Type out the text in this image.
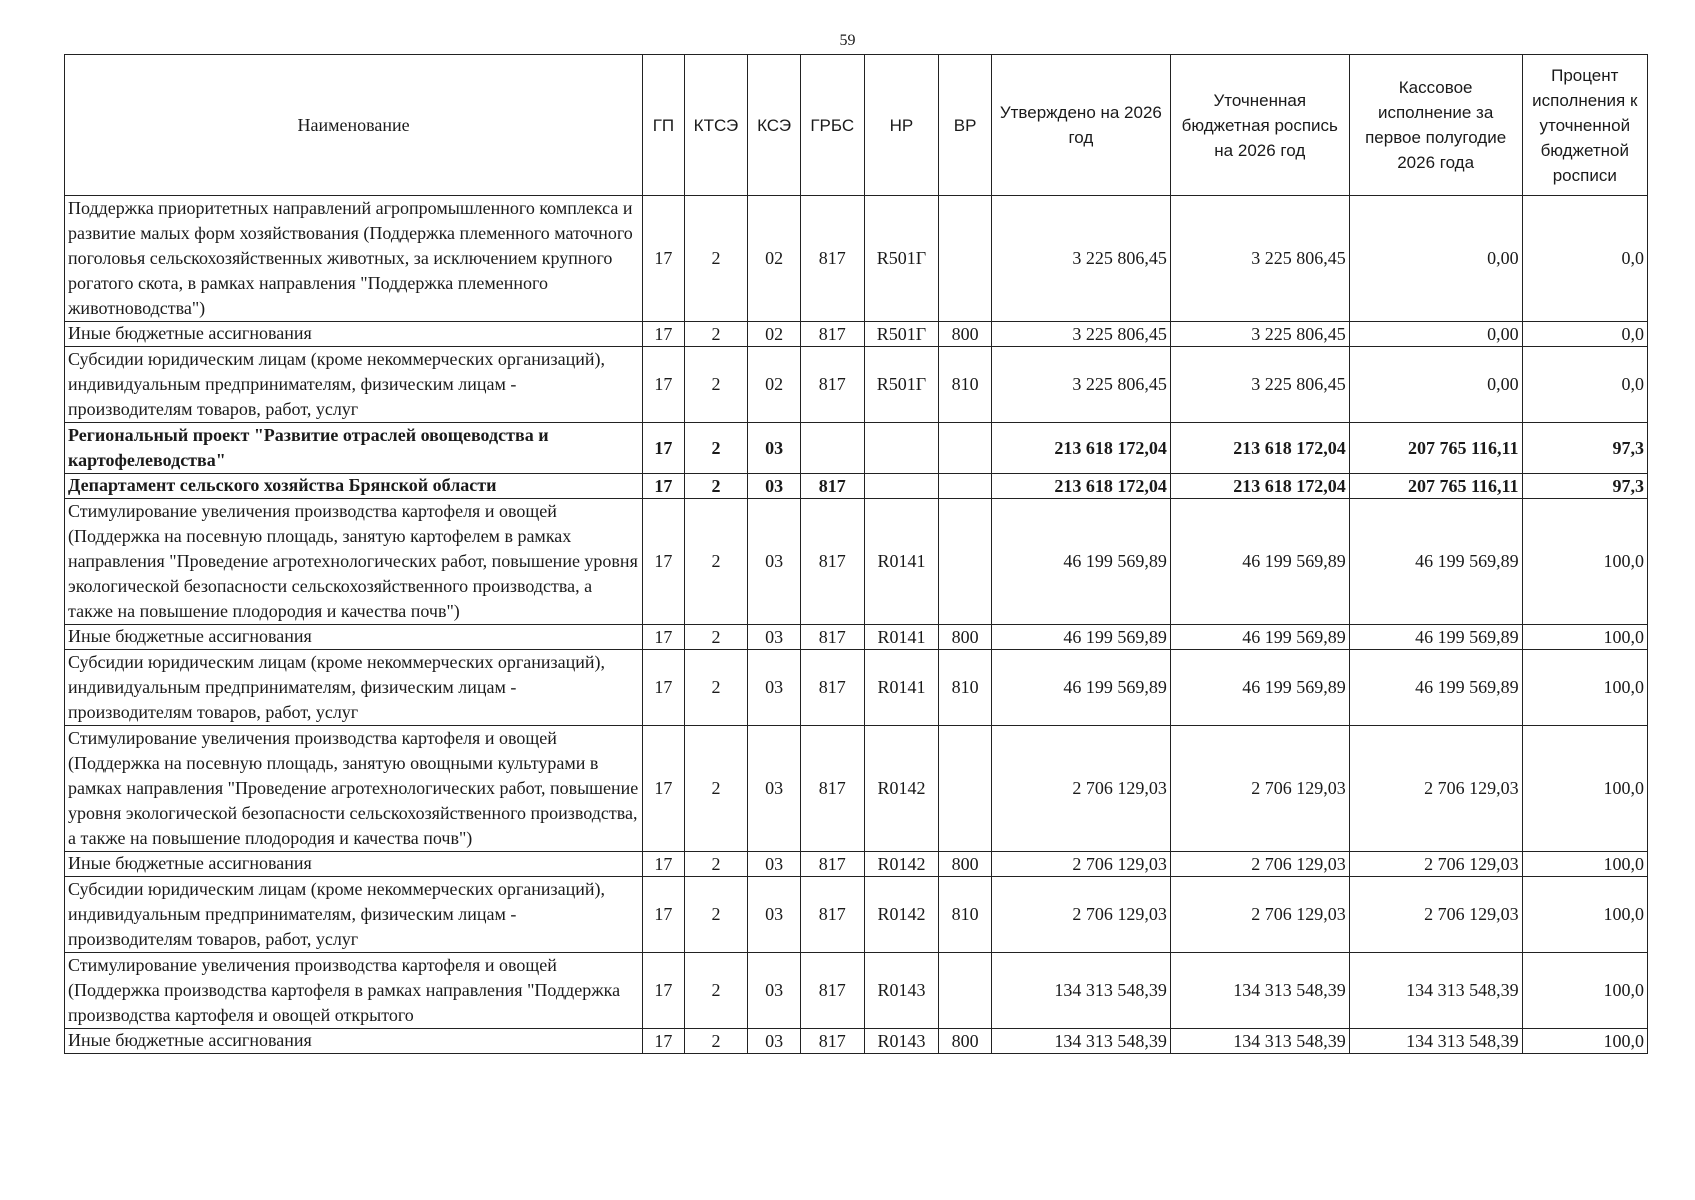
59
Наименование	ГП	КТСЭ	КСЭ	ГРБС	НР	ВР	Утверждено на 2026 год	Уточненная бюджетная роспись на 2026 год	Кассовое исполнение за первое полугодие 2026 года	Процент исполнения к уточненной бюджетной росписи
Поддержка приоритетных направлений агропромышленного комплекса и развитие малых форм хозяйствования (Поддержка племенного маточного поголовья сельскохозяйственных животных, за исключением крупного рогатого скота, в рамках направления "Поддержка племенного животноводства")	17	2	02	817	R501Г		3 225 806,45	3 225 806,45	0,00	0,0
Иные бюджетные ассигнования	17	2	02	817	R501Г	800	3 225 806,45	3 225 806,45	0,00	0,0
Субсидии юридическим лицам (кроме некоммерческих организаций), индивидуальным предпринимателям, физическим лицам - производителям товаров, работ, услуг	17	2	02	817	R501Г	810	3 225 806,45	3 225 806,45	0,00	0,0
Региональный проект "Развитие отраслей овощеводства и картофелеводства"	17	2	03				213 618 172,04	213 618 172,04	207 765 116,11	97,3
Департамент сельского хозяйства Брянской области	17	2	03	817			213 618 172,04	213 618 172,04	207 765 116,11	97,3
Стимулирование увеличения производства картофеля и овощей (Поддержка на посевную площадь, занятую картофелем в рамках направления "Проведение агротехнологических работ, повышение уровня экологической безопасности сельскохозяйственного производства, а также на повышение плодородия и качества почв")	17	2	03	817	R0141		46 199 569,89	46 199 569,89	46 199 569,89	100,0
Иные бюджетные ассигнования	17	2	03	817	R0141	800	46 199 569,89	46 199 569,89	46 199 569,89	100,0
Субсидии юридическим лицам (кроме некоммерческих организаций), индивидуальным предпринимателям, физическим лицам - производителям товаров, работ, услуг	17	2	03	817	R0141	810	46 199 569,89	46 199 569,89	46 199 569,89	100,0
Стимулирование увеличения производства картофеля и овощей (Поддержка на посевную площадь, занятую овощными культурами в рамках направления "Проведение агротехнологических работ, повышение уровня экологической безопасности сельскохозяйственного производства, а также на повышение плодородия и качества почв")	17	2	03	817	R0142		2 706 129,03	2 706 129,03	2 706 129,03	100,0
Иные бюджетные ассигнования	17	2	03	817	R0142	800	2 706 129,03	2 706 129,03	2 706 129,03	100,0
Субсидии юридическим лицам (кроме некоммерческих организаций), индивидуальным предпринимателям, физическим лицам - производителям товаров, работ, услуг	17	2	03	817	R0142	810	2 706 129,03	2 706 129,03	2 706 129,03	100,0
Стимулирование увеличения производства картофеля и овощей (Поддержка производства картофеля в рамках направления "Поддержка производства картофеля и овощей открытого	17	2	03	817	R0143		134 313 548,39	134 313 548,39	134 313 548,39	100,0
Иные бюджетные ассигнования	17	2	03	817	R0143	800	134 313 548,39	134 313 548,39	134 313 548,39	100,0
